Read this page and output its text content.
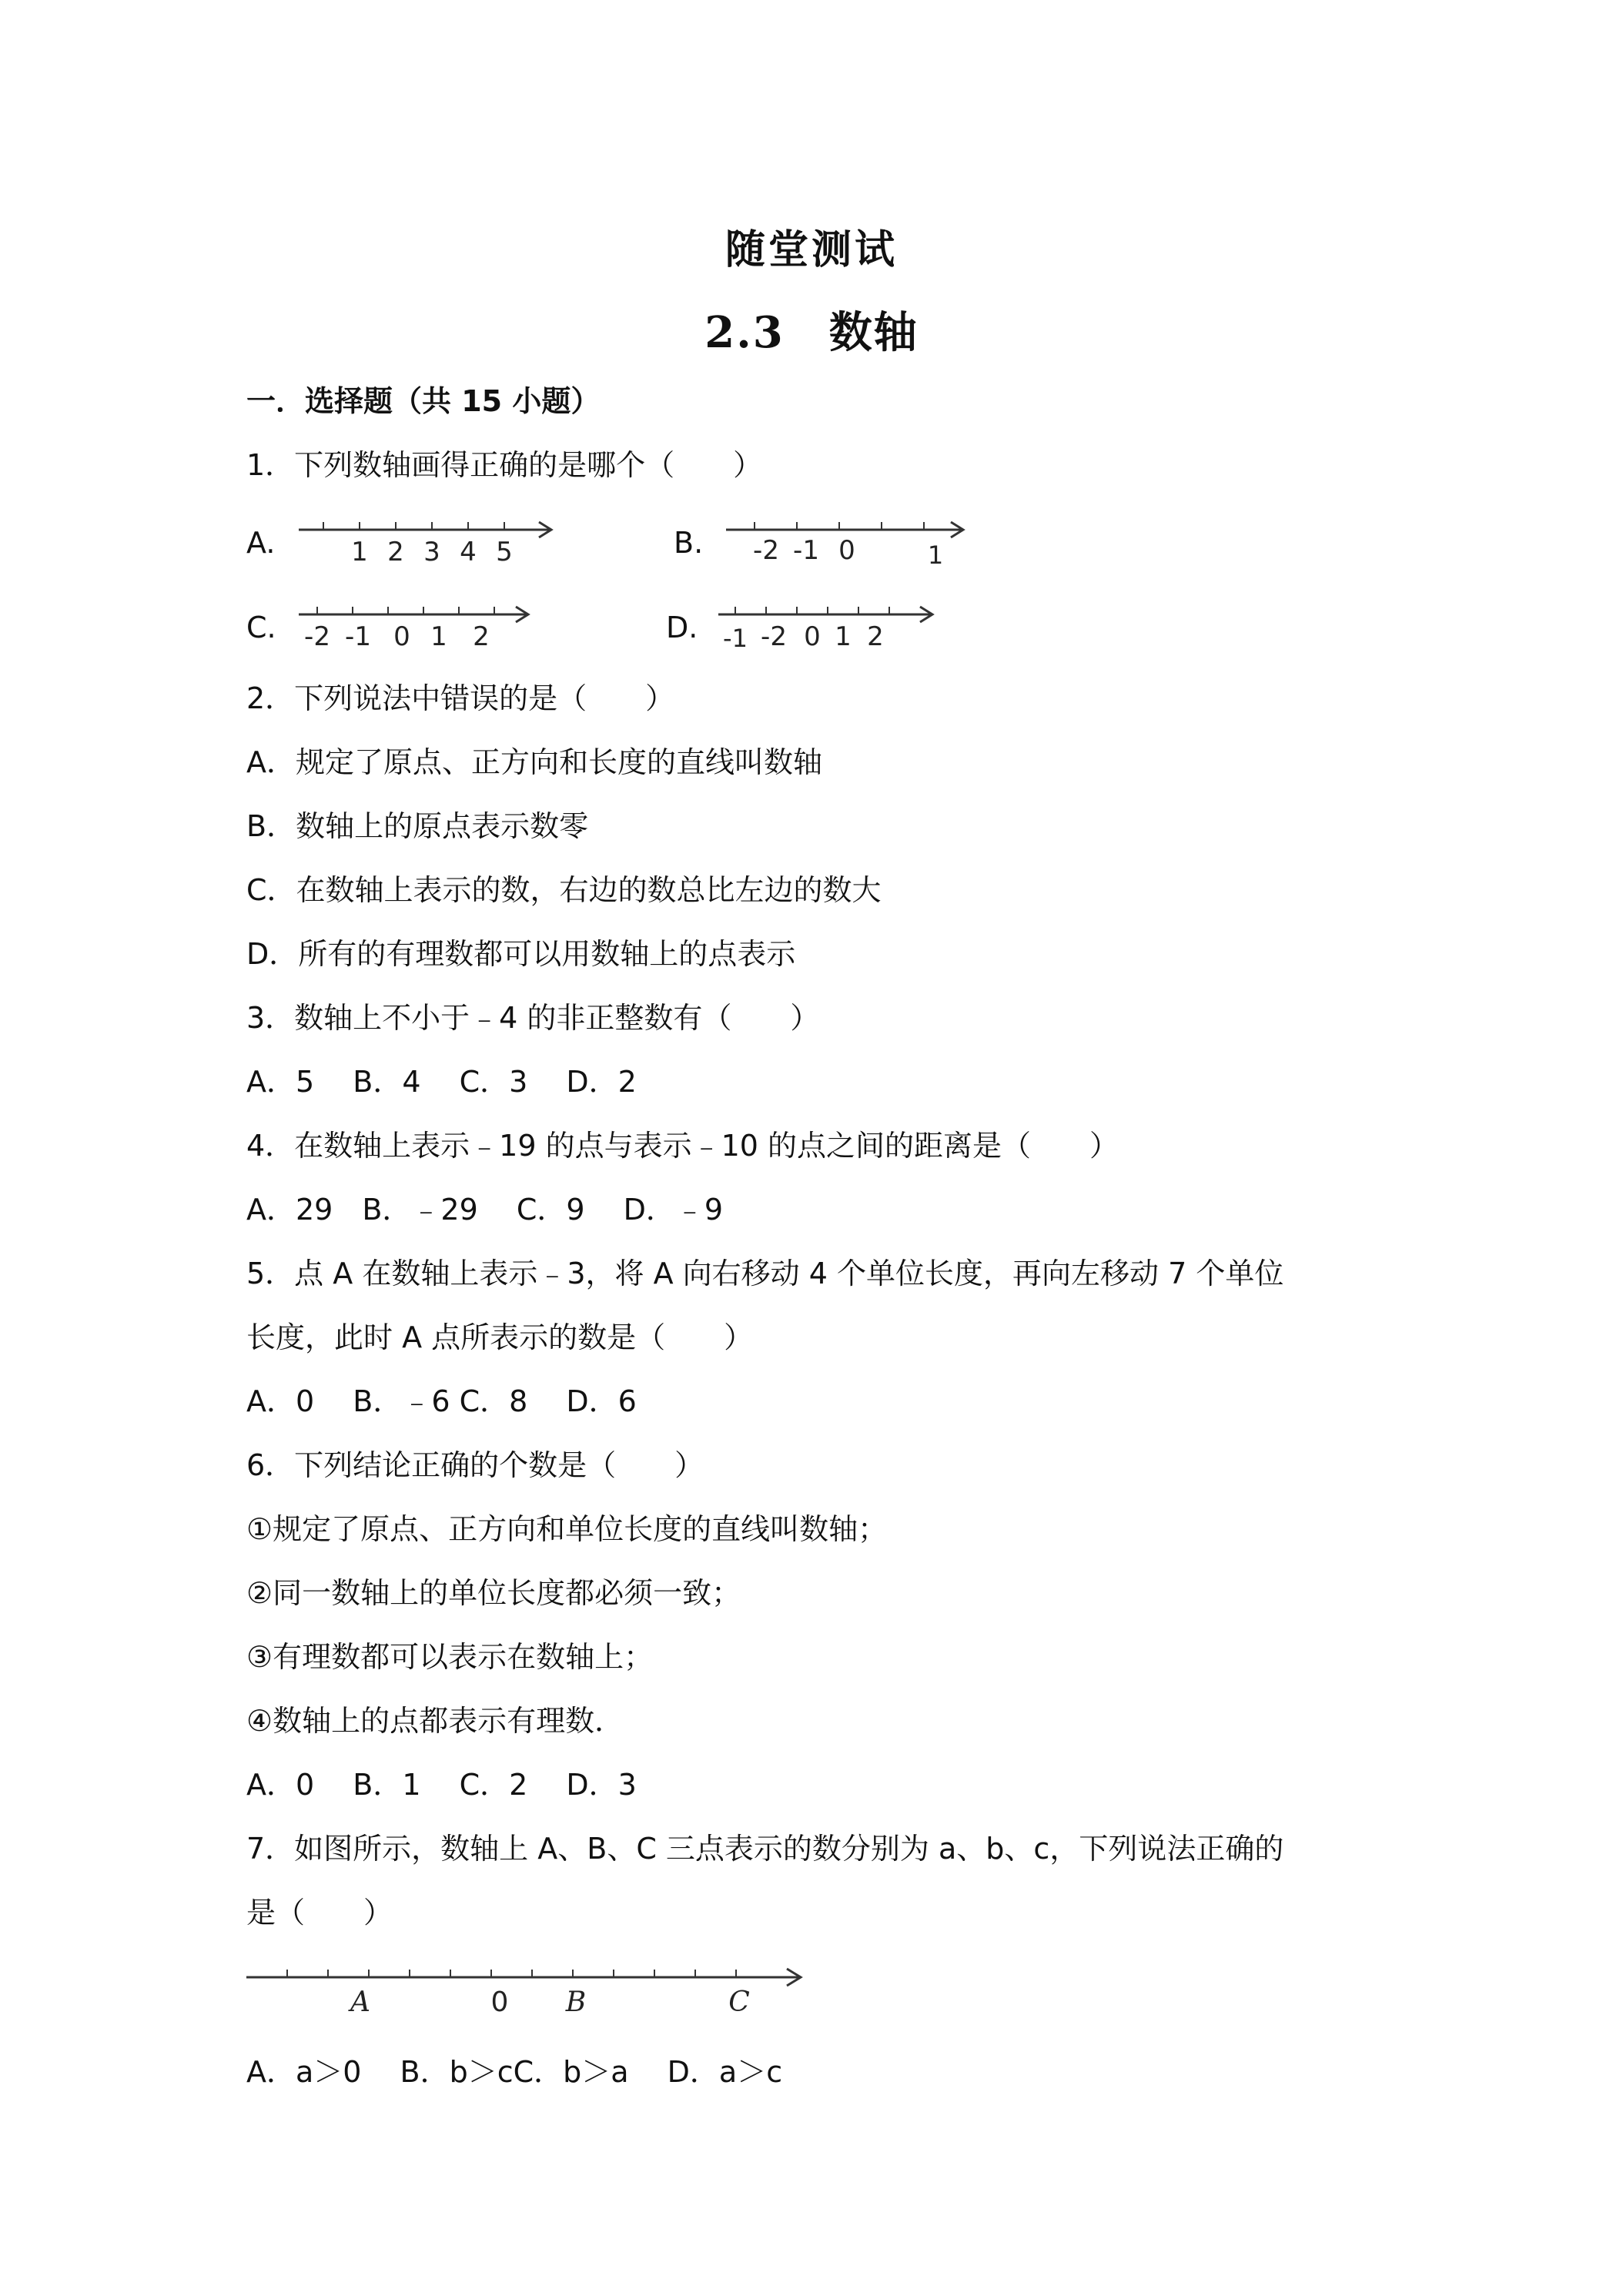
随堂测试
2.3　数轴
一．选择题（共 15 小题）
1．下列数轴画得正确的是哪个（　　）
A.	B.
C.	D.
1 2 3 4 5	-2 -1 0	1
-2 -1 0 1 2	-1 -2 0 1 2
2．下列说法中错误的是（　　）
A．规定了原点、正方向和长度的直线叫数轴
B．数轴上的原点表示数零
C．在数轴上表示的数，右边的数总比左边的数大
D．所有的有理数都可以用数轴上的点表示
3．数轴上不小于﹣4 的非正整数有（　　）
A．5　 B．4　 C．3　 D．2
4．在数轴上表示﹣19 的点与表示﹣10 的点之间的距离是（　　）
A．29　B．﹣29　 C．9　 D．﹣9
5．点 A 在数轴上表示﹣3，将 A 向右移动 4 个单位长度，再向左移动 7 个单位
长度，此时 A 点所表示的数是（　　）
A．0　 B．﹣6 C．8　 D．6
6．下列结论正确的个数是（　　）
①规定了原点、正方向和单位长度的直线叫数轴；
②同一数轴上的单位长度都必须一致；
③有理数都可以表示在数轴上；
④数轴上的点都表示有理数．
A．0　 B．1　 C．2　 D．3
7．如图所示，数轴上 A、B、C 三点表示的数分别为 a、b、c，下列说法正确的
是（　　）
A	0 B	C
A．a＞0　 B．b＞cC．b＞a　 D．a＞c
